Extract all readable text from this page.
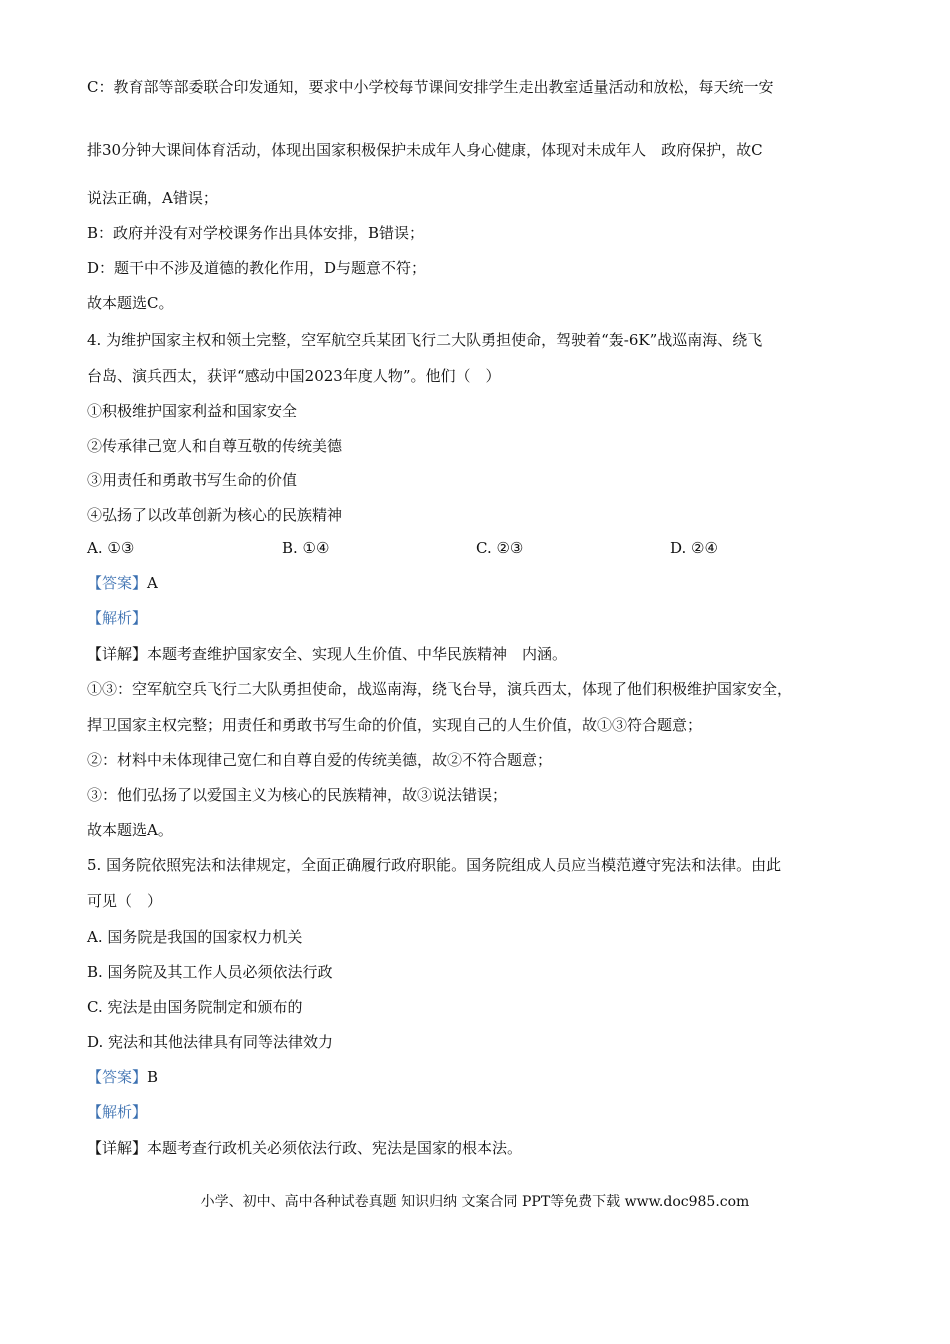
C：教育部等部委联合印发通知，要求中小学校每节课间安排学生走出教室适量活动和放松，每天统一安
排30分钟大课间体育活动，体现出国家积极保护未成年人身心健康，体现对未成年人　政府保护，故C
说法正确，A错误；
B：政府并没有对学校课务作出具体安排，B错误；
D：题干中不涉及道德的教化作用，D与题意不符；
故本题选C。
4. 为维护国家主权和领土完整，空军航空兵某团飞行二大队勇担使命，驾驶着“轰-6K”战巡南海、绕飞
台岛、演兵西太，获评“感动中国2023年度人物”。他们（　）
①积极维护国家利益和国家安全
②传承律己宽人和自尊互敬的传统美德
③用责任和勇敢书写生命的价值
④弘扬了以改革创新为核心的民族精神
A. ①③	B. ①④	C. ②③	D. ②④
【答案】A
【解析】
【详解】本题考查维护国家安全、实现人生价值、中华民族精神　内涵。
①③：空军航空兵飞行二大队勇担使命，战巡南海，绕飞台导，演兵西太，体现了他们积极维护国家安全，
捍卫国家主权完整；用责任和勇敢书写生命的价值，实现自己的人生价值，故①③符合题意；
②：材料中未体现律己宽仁和自尊自爱的传统美德，故②不符合题意；
③：他们弘扬了以爱国主义为核心的民族精神，故③说法错误；
故本题选A。
5. 国务院依照宪法和法律规定，全面正确履行政府职能。国务院组成人员应当模范遵守宪法和法律。由此
可见（　）
A. 国务院是我国的国家权力机关
B. 国务院及其工作人员必须依法行政
C. 宪法是由国务院制定和颁布的
D. 宪法和其他法律具有同等法律效力
【答案】B
【解析】
【详解】本题考查行政机关必须依法行政、宪法是国家的根本法。
小学、初中、高中各种试卷真题 知识归纳 文案合同 PPT等免费下载 www.doc985.com
